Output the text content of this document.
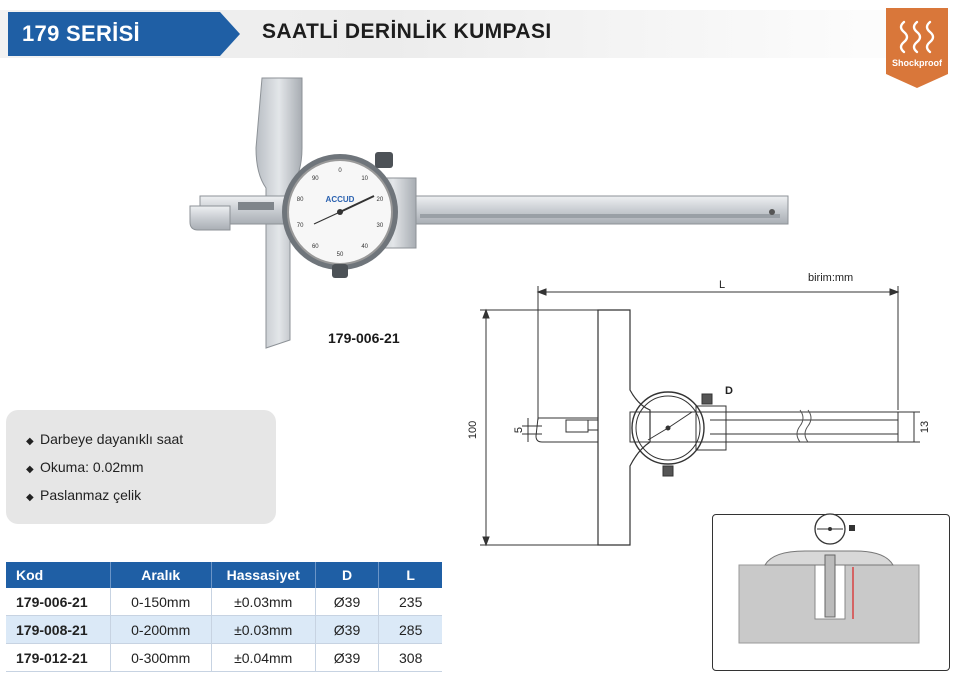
179 SERİSİ	SAATLİ DERİNLİK KUMPASI
Shockproof
ACCUD
0
10
20
30
40
50
60
70
80
90
179-006-21
◆ Darbeye dayanıklı saat
◆ Okuma: 0.02mm
◆ Paslanmaz çelik
birim:mm
L
D
100	5	13
Kod	Aralık	Hassasiyet	D	L
179-006-21	0-150mm	±0.03mm	Ø39	235
179-008-21	0-200mm	±0.03mm	Ø39	285
179-012-21	0-300mm	±0.04mm	Ø39	308
